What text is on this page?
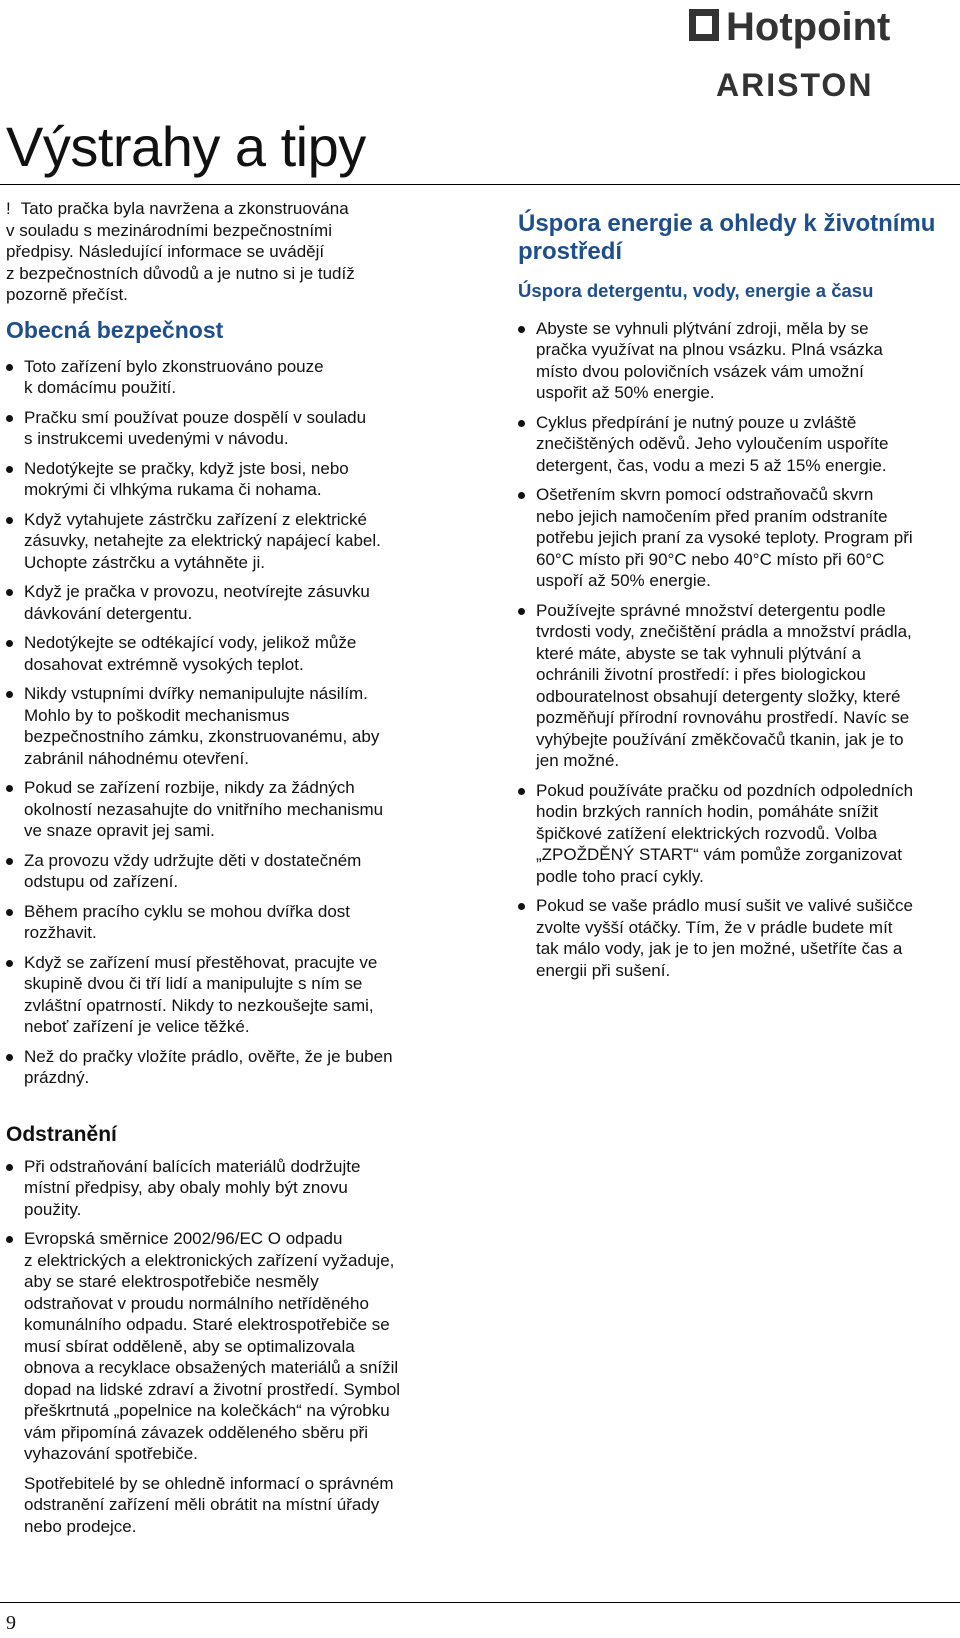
Hotpoint
ARISTON
Výstrahy a tipy
! Tato pračka byla navržena a zkonstruována
v souladu s mezinárodními bezpečnostními
předpisy. Následující informace se uvádějí
z bezpečnostních důvodů a je nutno si je tudíž
pozorně přečíst.
Obecná bezpečnost
Toto zařízení bylo zkonstruováno pouze
k domácímu použití.
Pračku smí používat pouze dospělí v souladu
s instrukcemi uvedenými v návodu.
Nedotýkejte se pračky, když jste bosi, nebo
mokrými či vlhkýma rukama či nohama.
Když vytahujete zástrčku zařízení z elektrické
zásuvky, netahejte za elektrický napájecí kabel.
Uchopte zástrčku a vytáhněte ji.
Když je pračka v provozu, neotvírejte zásuvku
dávkování detergentu.
Nedotýkejte se odtékající vody, jelikož může
dosahovat extrémně vysokých teplot.
Nikdy vstupními dvířky nemanipulujte násilím.
Mohlo by to poškodit mechanismus
bezpečnostního zámku, zkonstruovanému, aby
zabránil náhodnému otevření.
Pokud se zařízení rozbije, nikdy za žádných
okolností nezasahujte do vnitřního mechanismu
ve snaze opravit jej sami.
Za provozu vždy udržujte děti v dostatečném
odstupu od zařízení.
Během pracího cyklu se mohou dvířka dost
rozžhavit.
Když se zařízení musí přestěhovat, pracujte ve
skupině dvou či tří lidí a manipulujte s ním se
zvláštní opatrností. Nikdy to nezkoušejte sami,
neboť zařízení je velice těžké.
Než do pračky vložíte prádlo, ověřte, že je buben
prázdný.
Úspora energie a ohledy k životnímu
prostředí
Úspora detergentu, vody, energie a času
Abyste se vyhnuli plýtvání zdroji, měla by se
pračka využívat na plnou vsázku. Plná vsázka
místo dvou polovičních vsázek vám umožní
uspořit až 50% energie.
Cyklus předpírání je nutný pouze u zvláště
znečištěných oděvů. Jeho vyloučením uspoříte
detergent, čas, vodu a mezi 5 až 15% energie.
Ošetřením skvrn pomocí odstraňovačů skvrn
nebo jejich namočením před praním odstraníte
potřebu jejich praní za vysoké teploty. Program při
60°C místo při 90°C nebo 40°C místo při 60°C
uspoří až 50% energie.
Používejte správné množství detergentu podle
tvrdosti vody, znečištění prádla a množství prádla,
které máte, abyste se tak vyhnuli plýtvání a
ochránili životní prostředí: i přes biologickou
odbouratelnost obsahují detergenty složky, které
pozměňují přírodní rovnováhu prostředí. Navíc se
vyhýbejte používání změkčovačů tkanin, jak je to
jen možné.
Pokud používáte pračku od pozdních odpoledních
hodin brzkých ranních hodin, pomáháte snížit
špičkové zatížení elektrických rozvodů. Volba
„ZPOŽDĚNÝ START“ vám pomůže zorganizovat
podle toho prací cykly.
Pokud se vaše prádlo musí sušit ve valivé sušičce
zvolte vyšší otáčky. Tím, že v prádle budete mít
tak málo vody, jak je to jen možné, ušetříte čas a
energii při sušení.
Odstranění
Při odstraňování balících materiálů dodržujte
místní předpisy, aby obaly mohly být znovu
použity.
Evropská směrnice 2002/96/EC O odpadu
z elektrických a elektronických zařízení vyžaduje,
aby se staré elektrospotřebiče nesměly
odstraňovat v proudu normálního netříděného
komunálního odpadu. Staré elektrospotřebiče se
musí sbírat odděleně, aby se optimalizovala
obnova a recyklace obsažených materiálů a snížil
dopad na lidské zdraví a životní prostředí. Symbol
přeškrtnutá „popelnice na kolečkách“ na výrobku
vám připomíná závazek odděleného sběru při
vyhazování spotřebiče.

Spotřebitelé by se ohledně informací o správném
odstranění zařízení měli obrátit na místní úřady
nebo prodejce.

9
